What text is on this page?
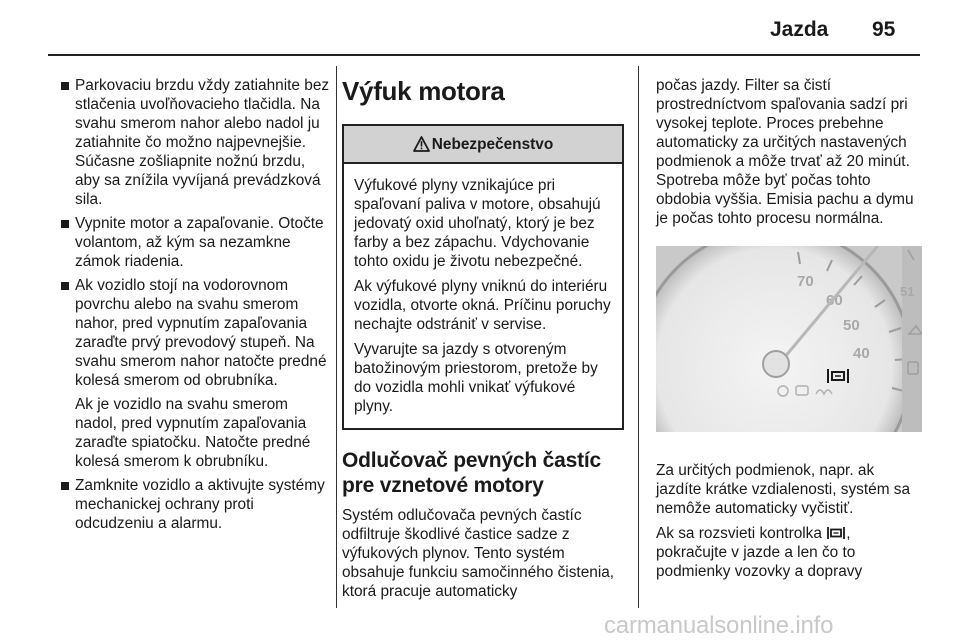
Jazda 95
Parkovaciu brzdu vždy zatiahnite bez stlačenia uvoľňovacieho tlačidla. Na svahu smerom nahor alebo nadol ju zatiahnite čo možno najpevnejšie. Súčasne zošliapnite nožnú brzdu, aby sa znížila vyvíjaná prevádzková sila.
Vypnite motor a zapaľovanie. Otočte volantom, až kým sa nezamkne zámok riadenia.
Ak vozidlo stojí na vodorovnom povrchu alebo na svahu smerom nahor, pred vypnutím zapaľovania zaraďte prvý prevodový stupeň. Na svahu smerom nahor natočte predné kolesá smerom od obrubníka.
Ak je vozidlo na svahu smerom nadol, pred vypnutím zapaľovania zaraďte spiatočku. Natočte predné kolesá smerom k obrubníku.
Zamknite vozidlo a aktivujte systémy mechanickej ochrany proti odcudzeniu a alarmu.
Výfuk motora
Nebezpečenstvo

Výfukové plyny vznikajúce pri spaľovaní paliva v motore, obsahujú jedovatý oxid uhoľnatý, ktorý je bez farby a bez zápachu. Vdychovanie tohto oxidu je životu nebezpečné.

Ak výfukové plyny vniknú do interiéru vozidla, otvorte okná. Príčinu poruchy nechajte odstrániť v servise.

Vyvarujte sa jazdy s otvoreným batožinovým priestorom, pretože by do vozidla mohli vnikať výfukové plyny.

Odlučovač pevných častíc pre vznetové motory
Systém odlučovača pevných častíc odfiltruje škodlivé častice sadze z výfukových plynov. Tento systém obsahuje funkciu samočinného čistenia, ktorá pracuje automaticky
počas jazdy. Filter sa čistí prostredníctvom spaľovania sadzí pri vysokej teplote. Proces prebehne automaticky za určitých nastavených podmienok a môže trvať až 20 minút. Spotreba môže byť počas tohto obdobia vyššia. Emisia pachu a dymu je počas tohto procesu normálna.
70
60
50
40
51
Za určitých podmienok, napr. ak jazdíte krátke vzdialenosti, systém sa nemôže automaticky vyčistiť.
Ak sa rozsvieti kontrolka , pokračujte v jazde a len čo to podmienky vozovky a dopravy
carmanualsonline.info
